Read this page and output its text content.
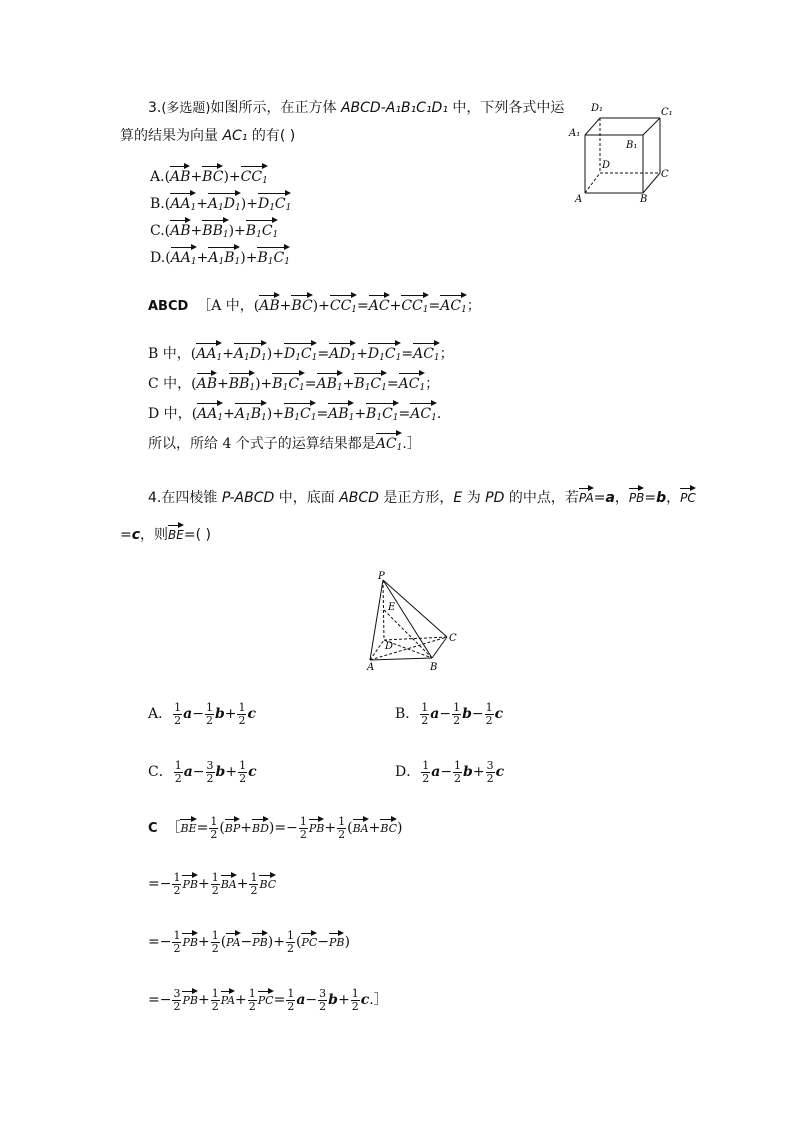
3.(多选题)如图所示，在正方体 ABCD-A₁B₁C₁D₁ 中，下列各式中运
算的结果为向量 AC₁ 的有( )
D₁	C₁
A₁
B₁
D
C
A	B
$A.(AB+BC)+CC_1$
$B.(AA_1+A_1D_1)+D_1C_1$
$C.(AB+BB_1)+B_1C_1$
$D.(AA_1+A_1B_1)+B_1C_1$
ABCD  ［A 中，$(AB+BC)+CC_1=AC+CC_1=AC_1$；
B 中，$(AA_1+A_1D_1)+D_1C_1=AD_1+D_1C_1=AC_1$；
C 中，$(AB+BB_1)+B_1C_1=AB_1+B_1C_1=AC_1$；
D 中，$(AA_1+A_1B_1)+B_1C_1=AB_1+B_1C_1=AC_1$.
所以，所给 4 个式子的运算结果都是$AC_1.]$
4.在四棱锥 P-ABCD 中，底面 ABCD 是正方形，E 为 PD 的中点，若PA=a，PB=b，PC
=c，则BE=( )
P
E
D
C
A	B
A． $\frac{1}{2} a- \frac{1}{2} b+ \frac{1}{2}$ c	B． $\frac{1}{2} a- \frac{1}{2} b- \frac{1}{2}$ c
C． $\frac{1}{2} a- \frac{3}{2} b+ \frac{1}{2}$ c	D． $\frac{1}{2} a- \frac{1}{2} b+ \frac{3}{2}$ c
C  ［BE= $\frac{1}{2} (BP+BD)=- \frac{1}{2} PB+ \frac{1}{2} (BA+BC)$
=− $\frac{1}{2} PB+ \frac{1}{2} BA+ \frac{1}{2}$ BC
=− $\frac{1}{2} PB+ \frac{1}{2} (PA-PB)+ \frac{1}{2} (PC-PB)$
=− $\frac{3}{2} PB+ \frac{1}{2} PA+ \frac{1}{2} PC= \frac{1}{2} a- \frac{3}{2} b+ \frac{1}{2}$ c.］
